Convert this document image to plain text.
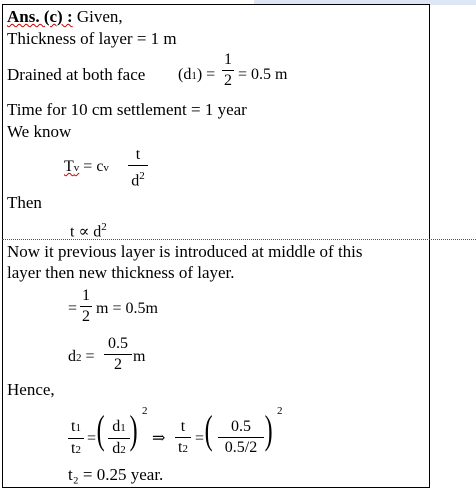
Ans. (c) : Given,
Thickness of layer = 1 m
Drained at both face (d1) =
1
2 = 0.5 m
Time for 10 cm settlement = 1 year
We know
Tv = cv
t
$d^2$
Then
$t \propto d^2$
Now it previous layer is introduced at middle of this
layer then new thickness of layer.
=
1
2 m = 0.5m
d2 =
0.5
2 m
Hence,
t1
t2
= ( d1
d2 ) 2
⇒
t
t2
= (	0.5
0.5/2 ) 2
t₂ = 0.25 year.
